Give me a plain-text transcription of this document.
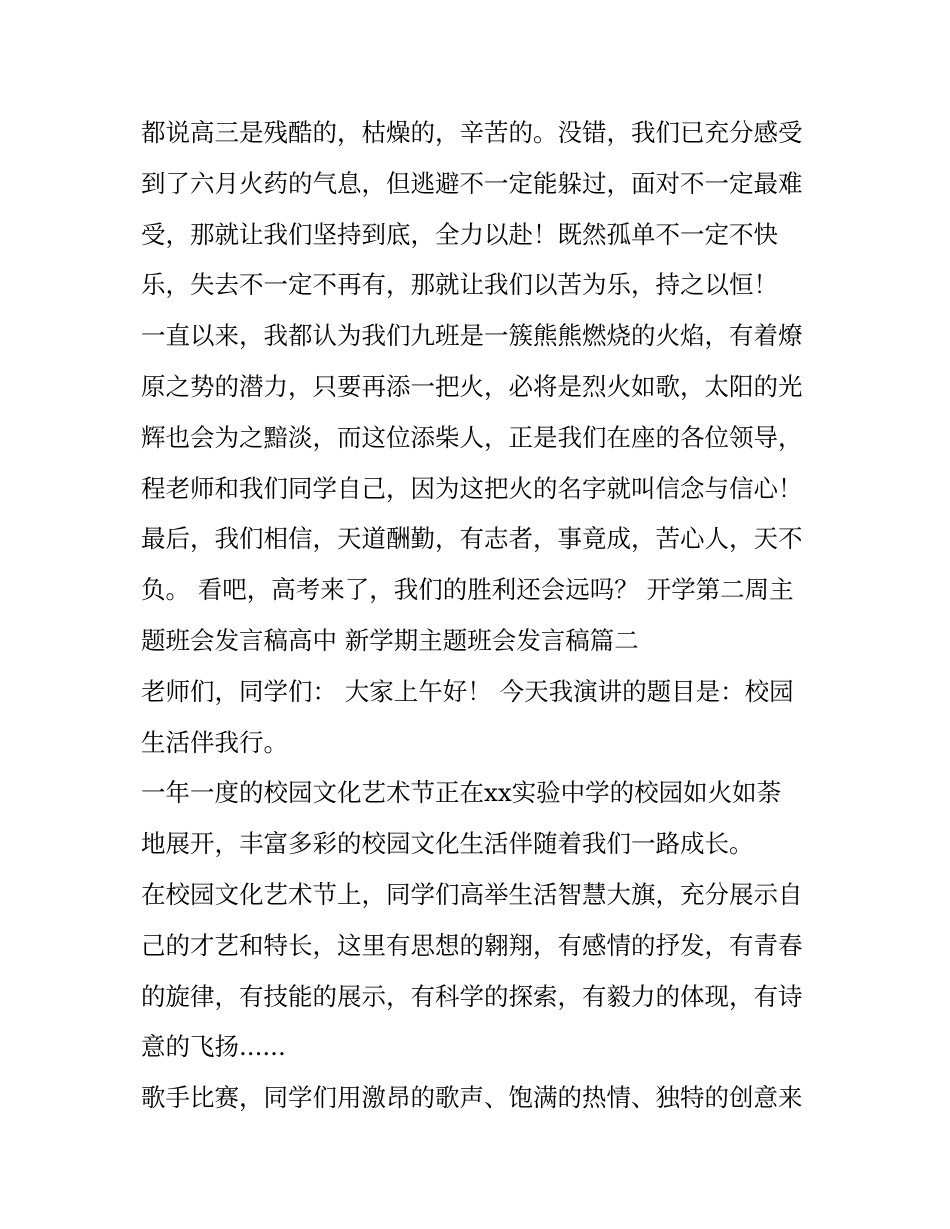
都说高三是残酷的，枯燥的，辛苦的。没错，我们已充分感受
到了六月火药的气息，但逃避不一定能躲过，面对不一定最难
受，那就让我们坚持到底，全力以赴！既然孤单不一定不快
乐，失去不一定不再有，那就让我们以苦为乐，持之以恒！
一直以来，我都认为我们九班是一簇熊熊燃烧的火焰，有着燎
原之势的潜力，只要再添一把火，必将是烈火如歌，太阳的光
辉也会为之黯淡，而这位添柴人，正是我们在座的各位领导，
程老师和我们同学自己，因为这把火的名字就叫信念与信心！
最后，我们相信，天道酬勤，有志者，事竟成，苦心人，天不
负。 看吧，高考来了，我们的胜利还会远吗？ 开学第二周主
题班会发言稿高中 新学期主题班会发言稿篇二
老师们，同学们： 大家上午好！ 今天我演讲的题目是：校园
生活伴我行。
一年一度的校园文化艺术节正在xx实验中学的校园如火如荼
地展开，丰富多彩的校园文化生活伴随着我们一路成长。
在校园文化艺术节上，同学们高举生活智慧大旗，充分展示自
己的才艺和特长，这里有思想的翱翔，有感情的抒发，有青春
的旋律，有技能的展示，有科学的探索，有毅力的体现，有诗
意的飞扬......
歌手比赛，同学们用激昂的歌声、饱满的热情、独特的创意来
